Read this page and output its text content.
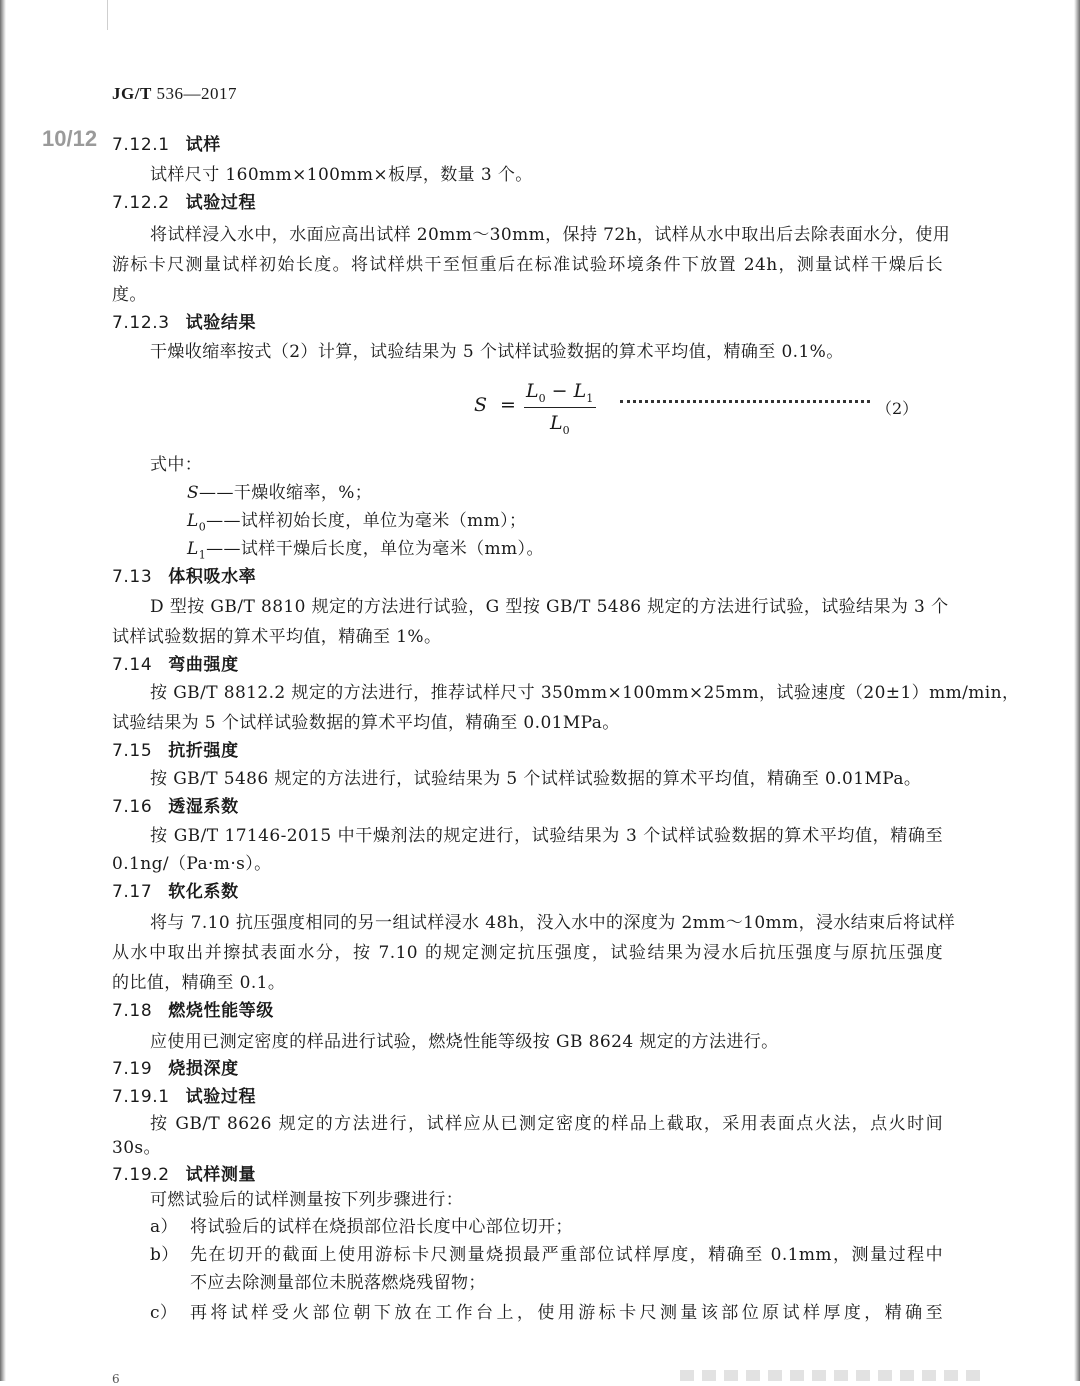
JG/T 536—2017
10/12 7.12.1 试样
试样尺寸 160mm×100mm×板厚，数量 3 个。
7.12.2 试验过程
将试样浸入水中，水面应高出试样 20mm～30mm，保持 72h，试样从水中取出后去除表面水分，使用
游标卡尺测量试样初始长度。将试样烘干至恒重后在标准试验环境条件下放置 24h，测量试样干燥后长
度。
7.12.3 试验结果
干燥收缩率按式（2）计算，试验结果为 5 个试样试验数据的算术平均值，精确至 0.1%。
S =
$L_0 - L_1$
$L_0$
（2）
式中：
S——干燥收缩率，%；
$L_0——$试样初始长度，单位为毫米（mm）；
$L_1——$试样干燥后长度，单位为毫米（mm）。
7.13 体积吸水率
D 型按 GB/T 8810 规定的方法进行试验，G 型按 GB/T 5486 规定的方法进行试验，试验结果为 3 个
试样试验数据的算术平均值，精确至 1%。
7.14 弯曲强度
按 GB/T 8812.2 规定的方法进行，推荐试样尺寸 350mm×100mm×25mm，试验速度（20±1）mm/min，
试验结果为 5 个试样试验数据的算术平均值，精确至 0.01MPa。
7.15 抗折强度
按 GB/T 5486 规定的方法进行，试验结果为 5 个试样试验数据的算术平均值，精确至 0.01MPa。
7.16 透湿系数
按 GB/T 17146-2015 中干燥剂法的规定进行，试验结果为 3 个试样试验数据的算术平均值，精确至
0.1ng/（Pa·m·s）。
7.17 软化系数
将与 7.10 抗压强度相同的另一组试样浸水 48h，没入水中的深度为 2mm～10mm，浸水结束后将试样
从水中取出并擦拭表面水分，按 7.10 的规定测定抗压强度，试验结果为浸水后抗压强度与原抗压强度
的比值，精确至 0.1。
7.18 燃烧性能等级
应使用已测定密度的样品进行试验，燃烧性能等级按 GB 8624 规定的方法进行。
7.19 烧损深度
7.19.1 试验过程
按 GB/T 8626 规定的方法进行，试样应从已测定密度的样品上截取，采用表面点火法，点火时间
30s。
7.19.2 试样测量
可燃试验后的试样测量按下列步骤进行：
a） 将试验后的试样在烧损部位沿长度中心部位切开；
b） 先在切开的截面上使用游标卡尺测量烧损最严重部位试样厚度，精确至 0.1mm，测量过程中
不应去除测量部位未脱落燃烧残留物；
c） 再将试样受火部位朝下放在工作台上，使用游标卡尺测量该部位原试样厚度，精确至
6
